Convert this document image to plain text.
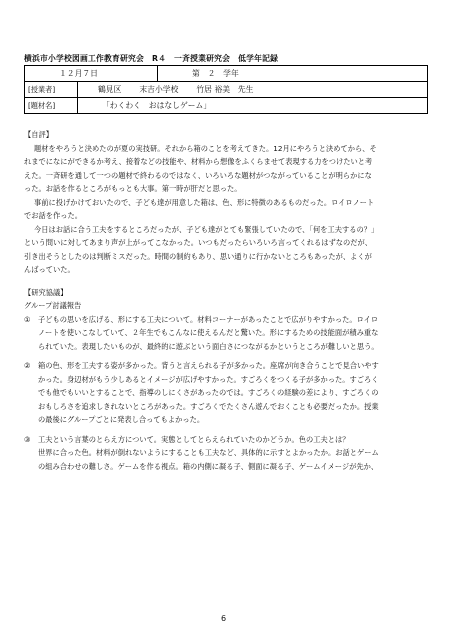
横浜市小学校図画工作教育研究会　R４　一斉授業研究会　低学年記録
１２月７日	第　２　学年
[授業者]	鶴見区 末吉小学校 竹居 裕美　先生
[題材名]	「わくわく　おはなしゲーム」
【自評】
題材をやろうと決めたのが夏の実技研。それから箱のことを考えてきた。12月にやろうと決めてから、そ
れまでになにができるか考え、接着などの技能や、材料から想像をふくらませて表現する力をつけたいと考
えた。一斉研を通して一つの題材で終わるのではなく、いろいろな題材がつながっていることが明らかにな
った。お話を作るところがもっとも大事。第一時が肝だと思った。
事前に投げかけておいたので、子ども達が用意した箱は、色、形に特徴のあるものだった。ロイロノート
でお話を作った。
今日はお話に合う工夫をするところだったが、子ども達がとても緊張していたので、「何を工夫するの？」
という問いに対してあまり声が上がってこなかった。いつもだったらいろいろ言ってくれるはずなのだが、
引き出そうとしたのは判断ミスだった。時間の制約もあり、思い通りに行かないところもあったが、よくが
んばっていた。
【研究協議】
グループ討議報告
①	子どもの思いを広げる、形にする工夫について。材料コーナーがあったことで広がりやすかった。ロイロ
ノートを使いこなしていて、２年生でもこんなに使えるんだと驚いた。形にするための技能面が積み重な
られていた。表現したいものが、最終的に遊ぶという面白さにつながるかというところが難しいと思う。
②	箱の色、形を工夫する姿が多かった。背うと言えられる子が多かった。座席が向き合うことで見合いやす
かった。身辺材がもう少しあるとイメージが広げやすかった。すごろくをつくる子が多かった。すごろく
でも他でもいいとすることで、指導のしにくさがあったのでは。すごろくの経験の差により、すごろくの
おもしろさを追求しきれないところがあった。すごろくでたくさん遊んでおくことも必要だったか。授業
の最後にグループごとに発表し合ってもよかった。
③	工夫という言葉のとらえ方について。実態としてとらえられていたのかどうか。色の工夫とは？
世界に合った色。材料が倒れないようにすることも工夫など、具体的に示すとよかったか。お話とゲーム
の組み合わせの難しさ。ゲームを作る視点。箱の内側に凝る子、側面に凝る子、ゲームイメージが先か、
6
